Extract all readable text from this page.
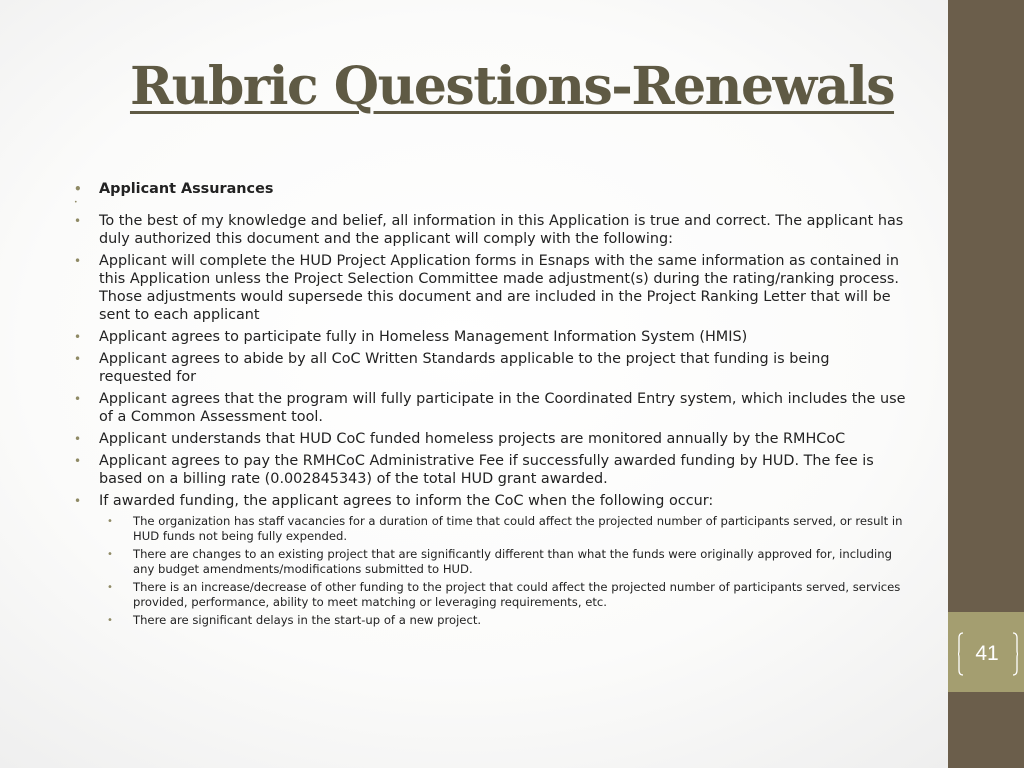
41
Rubric Questions-Renewals
• Applicant Assurances
•
• To the best of my knowledge and belief, all information in this Application is true and correct. The applicant has duly authorized this document and the applicant will comply with the following:
• Applicant will complete the HUD Project Application forms in Esnaps with the same information as contained in this Application unless the Project Selection Committee made adjustment(s) during the rating/ranking process. Those adjustments would supersede this document and are included in the Project Ranking Letter that will be sent to each applicant
• Applicant agrees to participate fully in Homeless Management Information System (HMIS)
• Applicant agrees to abide by all CoC Written Standards applicable to the project that funding is being requested for
• Applicant agrees that the program will fully participate in the Coordinated Entry system, which includes the use of a Common Assessment tool.
• Applicant understands that HUD CoC funded homeless projects are monitored annually by the RMHCoC
• Applicant agrees to pay the RMHCoC Administrative Fee if successfully awarded funding by HUD. The fee is based on a billing rate (0.002845343) of the total HUD grant awarded.
• If awarded funding, the applicant agrees to inform the CoC when the following occur:
• The organization has staff vacancies for a duration of time that could affect the projected number of participants served, or result in HUD funds not being fully expended.
• There are changes to an existing project that are significantly different than what the funds were originally approved for, including any budget amendments/modifications submitted to HUD.
• There is an increase/decrease of other funding to the project that could affect the projected number of participants served, services provided, performance, ability to meet matching or leveraging requirements, etc.
• There are significant delays in the start-up of a new project.
